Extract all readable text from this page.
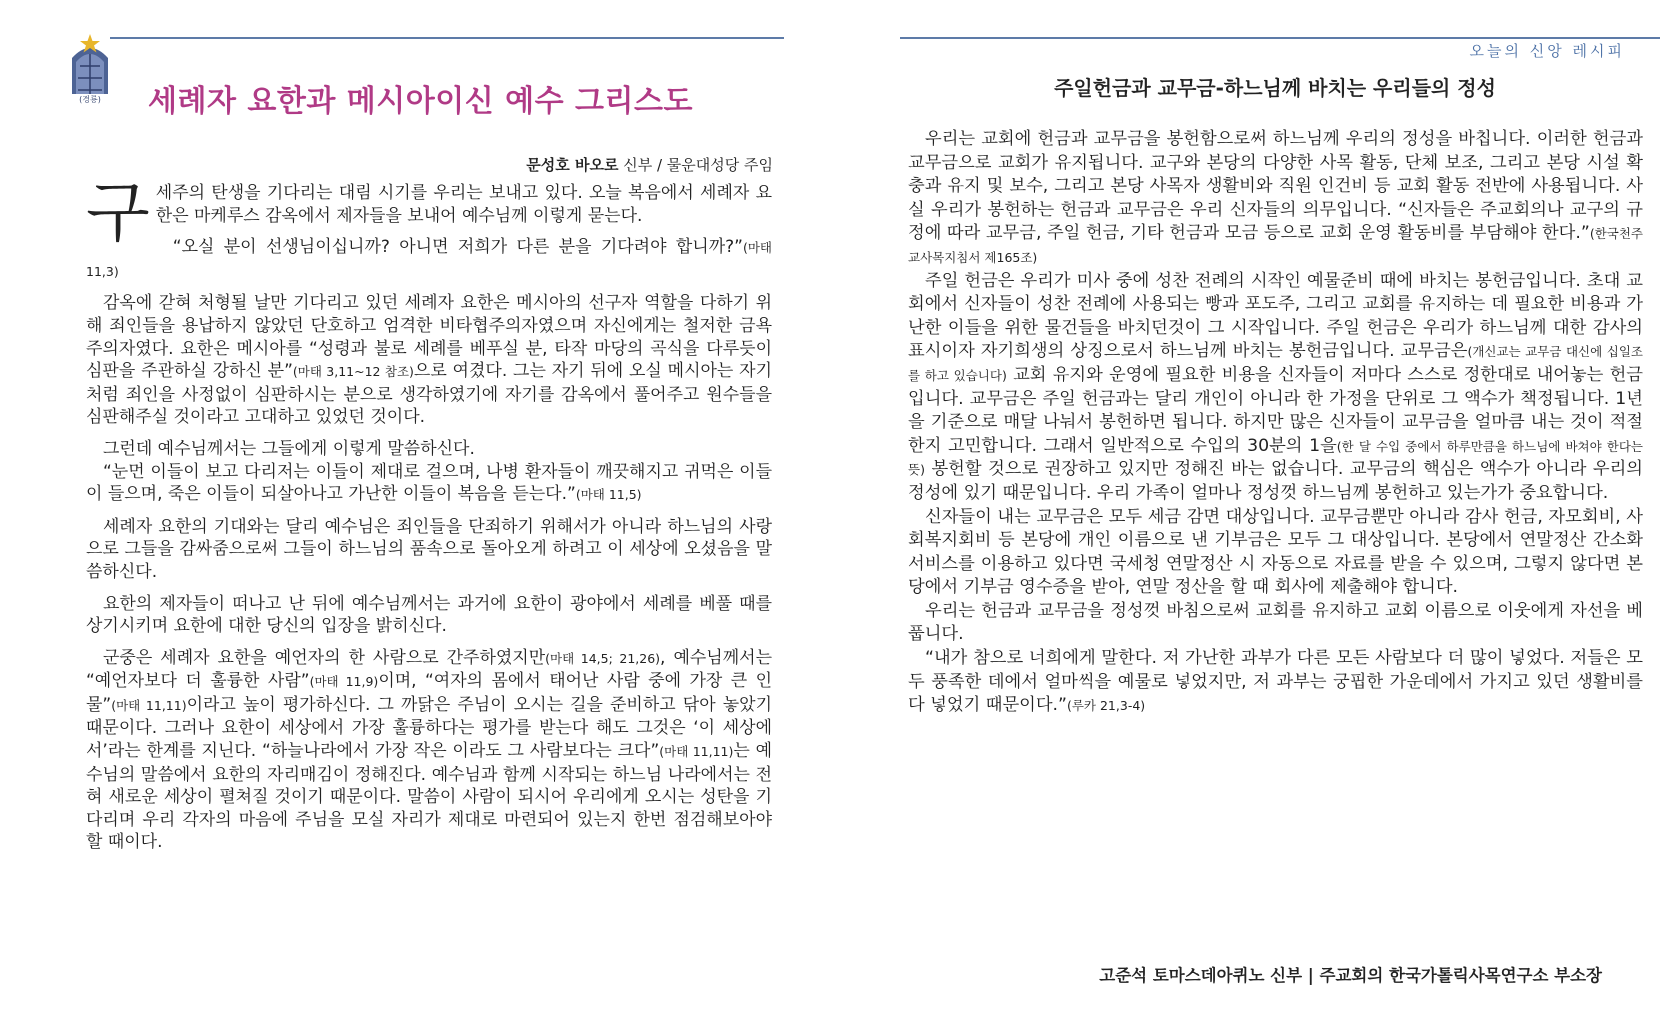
(경룡) 세례자 요한과 메시아이신 예수 그리스도
문성호 바오로 신부 / 물운대성당 주임

구세주의 탄생을 기다리는 대림 시기를 우리는 보내고 있다. 오늘 복음에서 세례자 요한은 마케루스 감옥에서 제자들을 보내어 예수님께 이렇게 묻는다.

“오실 분이 선생님이십니까? 아니면 저희가 다른 분을 기다려야 합니까?”(마태 11,3)

감옥에 갇혀 처형될 날만 기다리고 있던 세례자 요한은 메시아의 선구자 역할을 다하기 위해 죄인들을 용납하지 않았던 단호하고 엄격한 비타협주의자였으며 자신에게는 철저한 금욕주의자였다. 요한은 메시아를 “성령과 불로 세례를 베푸실 분, 타작 마당의 곡식을 다루듯이 심판을 주관하실 강하신 분”(마태 3,11~12 참조)으로 여겼다. 그는 자기 뒤에 오실 메시아는 자기처럼 죄인을 사정없이 심판하시는 분으로 생각하였기에 자기를 감옥에서 풀어주고 원수들을 심판해주실 것이라고 고대하고 있었던 것이다.

그런데 예수님께서는 그들에게 이렇게 말씀하신다.

“눈먼 이들이 보고 다리저는 이들이 제대로 걸으며, 나병 환자들이 깨끗해지고 귀먹은 이들이 들으며, 죽은 이들이 되살아나고 가난한 이들이 복음을 듣는다.”(마태 11,5)

세례자 요한의 기대와는 달리 예수님은 죄인들을 단죄하기 위해서가 아니라 하느님의 사랑으로 그들을 감싸줌으로써 그들이 하느님의 품속으로 돌아오게 하려고 이 세상에 오셨음을 말씀하신다.

요한의 제자들이 떠나고 난 뒤에 예수님께서는 과거에 요한이 광야에서 세례를 베풀 때를 상기시키며 요한에 대한 당신의 입장을 밝히신다.

군중은 세례자 요한을 예언자의 한 사람으로 간주하였지만(마태 14,5; 21,26), 예수님께서는 “예언자보다 더 훌륭한 사람”(마태 11,9)이며, “여자의 몸에서 태어난 사람 중에 가장 큰 인물”(마태 11,11)이라고 높이 평가하신다. 그 까닭은 주님이 오시는 길을 준비하고 닦아 놓았기 때문이다. 그러나 요한이 세상에서 가장 훌륭하다는 평가를 받는다 해도 그것은 ‘이 세상에서’라는 한계를 지닌다. “하늘나라에서 가장 작은 이라도 그 사람보다는 크다”(마태 11,11)는 예수님의 말씀에서 요한의 자리매김이 정해진다. 예수님과 함께 시작되는 하느님 나라에서는 전혀 새로운 세상이 펼쳐질 것이기 때문이다. 말씀이 사람이 되시어 우리에게 오시는 성탄을 기다리며 우리 각자의 마음에 주님을 모실 자리가 제대로 마련되어 있는지 한번 점검해보아야 할 때이다.

오늘의 신앙 레시피
주일헌금과 교무금-하느님께 바치는 우리들의 정성

우리는 교회에 헌금과 교무금을 봉헌함으로써 하느님께 우리의 정성을 바칩니다. 이러한 헌금과 교무금으로 교회가 유지됩니다. 교구와 본당의 다양한 사목 활동, 단체 보조, 그리고 본당 시설 확충과 유지 및 보수, 그리고 본당 사목자 생활비와 직원 인건비 등 교회 활동 전반에 사용됩니다. 사실 우리가 봉헌하는 헌금과 교무금은 우리 신자들의 의무입니다. “신자들은 주교회의나 교구의 규정에 따라 교무금, 주일 헌금, 기타 헌금과 모금 등으로 교회 운영 활동비를 부담해야 한다.”(한국천주교사목지침서 제165조)

주일 헌금은 우리가 미사 중에 성찬 전례의 시작인 예물준비 때에 바치는 봉헌금입니다. 초대 교회에서 신자들이 성찬 전례에 사용되는 빵과 포도주, 그리고 교회를 유지하는 데 필요한 비용과 가난한 이들을 위한 물건들을 바치던것이 그 시작입니다. 주일 헌금은 우리가 하느님께 대한 감사의 표시이자 자기희생의 상징으로서 하느님께 바치는 봉헌금입니다. 교무금은(개신교는 교무금 대신에 십일조를 하고 있습니다) 교회 유지와 운영에 필요한 비용을 신자들이 저마다 스스로 정한대로 내어놓는 헌금입니다. 교무금은 주일 헌금과는 달리 개인이 아니라 한 가정을 단위로 그 액수가 책정됩니다. 1년을 기준으로 매달 나눠서 봉헌하면 됩니다. 하지만 많은 신자들이 교무금을 얼마큼 내는 것이 적절한지 고민합니다. 그래서 일반적으로 수입의 30분의 1을(한 달 수입 중에서 하루만큼을 하느님에 바쳐야 한다는 뜻) 봉헌할 것으로 권장하고 있지만 정해진 바는 없습니다. 교무금의 핵심은 액수가 아니라 우리의 정성에 있기 때문입니다. 우리 가족이 얼마나 정성껏 하느님께 봉헌하고 있는가가 중요합니다.

신자들이 내는 교무금은 모두 세금 감면 대상입니다. 교무금뿐만 아니라 감사 헌금, 자모회비, 사회복지회비 등 본당에 개인 이름으로 낸 기부금은 모두 그 대상입니다. 본당에서 연말정산 간소화 서비스를 이용하고 있다면 국세청 연말정산 시 자동으로 자료를 받을 수 있으며, 그렇지 않다면 본당에서 기부금 영수증을 받아, 연말 정산을 할 때 회사에 제출해야 합니다.

우리는 헌금과 교무금을 정성껏 바침으로써 교회를 유지하고 교회 이름으로 이웃에게 자선을 베풉니다.

“내가 참으로 너희에게 말한다. 저 가난한 과부가 다른 모든 사람보다 더 많이 넣었다. 저들은 모두 풍족한 데에서 얼마씩을 예물로 넣었지만, 저 과부는 궁핍한 가운데에서 가지고 있던 생활비를 다 넣었기 때문이다.”(루카 21,3-4)

고준석 토마스데아퀴노 신부 | 주교회의 한국가톨릭사목연구소 부소장
